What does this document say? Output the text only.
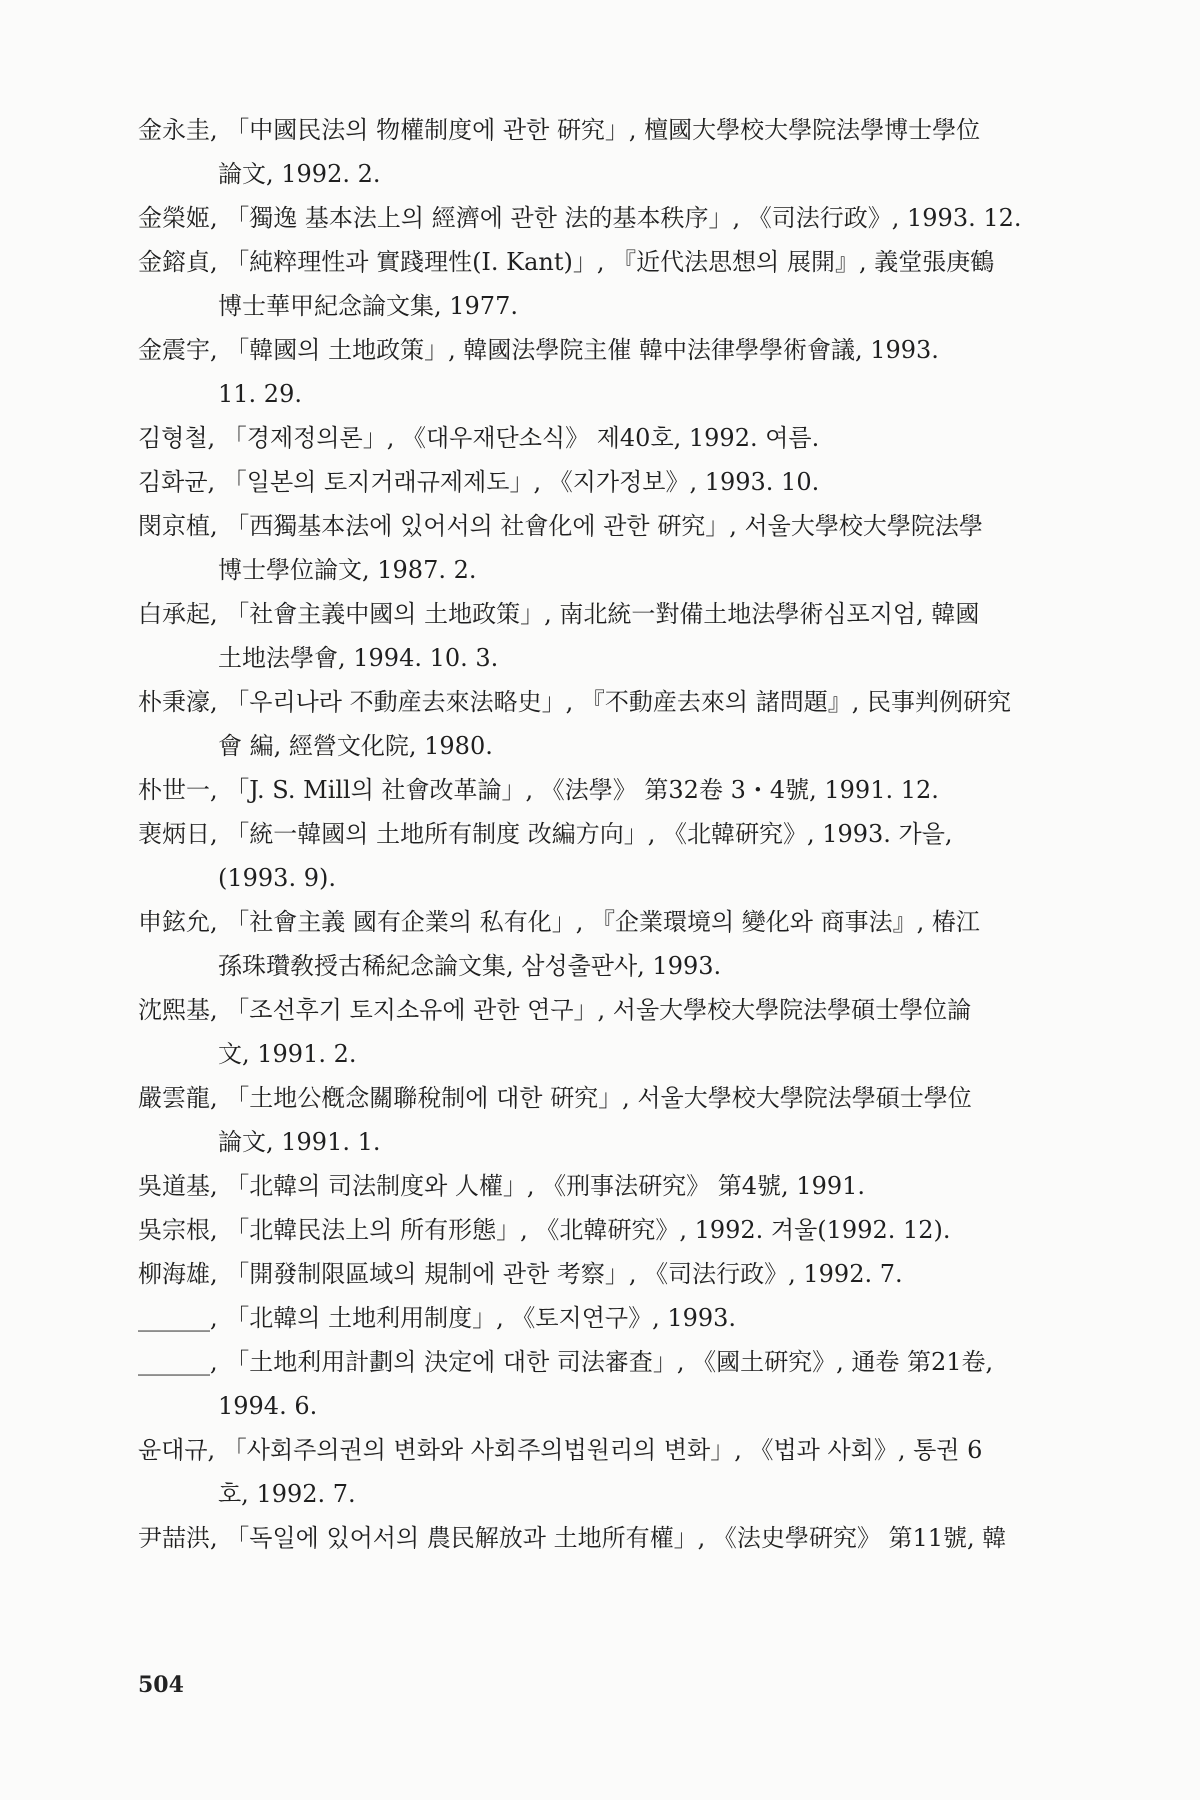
金永圭, 「中國民法의 物權制度에 관한 硏究」, 檀國大學校大學院法學博士學位
論文, 1992. 2.
金榮姬, 「獨逸 基本法上의 經濟에 관한 法的基本秩序」, 《司法行政》, 1993. 12.
金鎔貞, 「純粹理性과 實踐理性(I. Kant)」, 『近代法思想의 展開』, 義堂張庚鶴
博士華甲紀念論文集, 1977.
金震宇, 「韓國의 土地政策」, 韓國法學院主催 韓中法律學學術會議, 1993.
11. 29.
김형철, 「경제정의론」, 《대우재단소식》 제40호, 1992. 여름.
김화균, 「일본의 토지거래규제제도」, 《지가정보》, 1993. 10.
閔京植, 「西獨基本法에 있어서의 社會化에 관한 硏究」, 서울大學校大學院法學
博士學位論文, 1987. 2.
白承起, 「社會主義中國의 土地政策」, 南北統一對備土地法學術심포지엄, 韓國
土地法學會, 1994. 10. 3.
朴秉濠, 「우리나라 不動産去來法略史」, 『不動産去來의 諸問題』, 民事判例硏究
會 編, 經營文化院, 1980.
朴世一, 「J. S. Mill의 社會改革論」, 《法學》 第32卷 3・4號, 1991. 12.
裵炳日, 「統一韓國의 土地所有制度 改編方向」, 《北韓硏究》, 1993. 가을,
(1993. 9).
申鉉允, 「社會主義 國有企業의 私有化」, 『企業環境의 變化와 商事法』, 椿江
孫珠瓚敎授古稀紀念論文集, 삼성출판사, 1993.
沈熙基, 「조선후기 토지소유에 관한 연구」, 서울大學校大學院法學碩士學位論
文, 1991. 2.
嚴雲龍, 「土地公槪念關聯稅制에 대한 硏究」, 서울大學校大學院法學碩士學位
論文, 1991. 1.
吳道基, 「北韓의 司法制度와 人權」, 《刑事法硏究》 第4號, 1991.
吳宗根, 「北韓民法上의 所有形態」, 《北韓硏究》, 1992. 겨울(1992. 12).
柳海雄, 「開發制限區域의 規制에 관한 考察」, 《司法行政》, 1992. 7.
______, 「北韓의 土地利用制度」, 《토지연구》, 1993.
______, 「土地利用計劃의 決定에 대한 司法審査」, 《國土硏究》, 通卷 第21卷,
1994. 6.
윤대규, 「사회주의권의 변화와 사회주의법원리의 변화」, 《법과 사회》, 통권 6
호, 1992. 7.
尹喆洪, 「독일에 있어서의 農民解放과 土地所有權」, 《法史學硏究》 第11號, 韓
504
